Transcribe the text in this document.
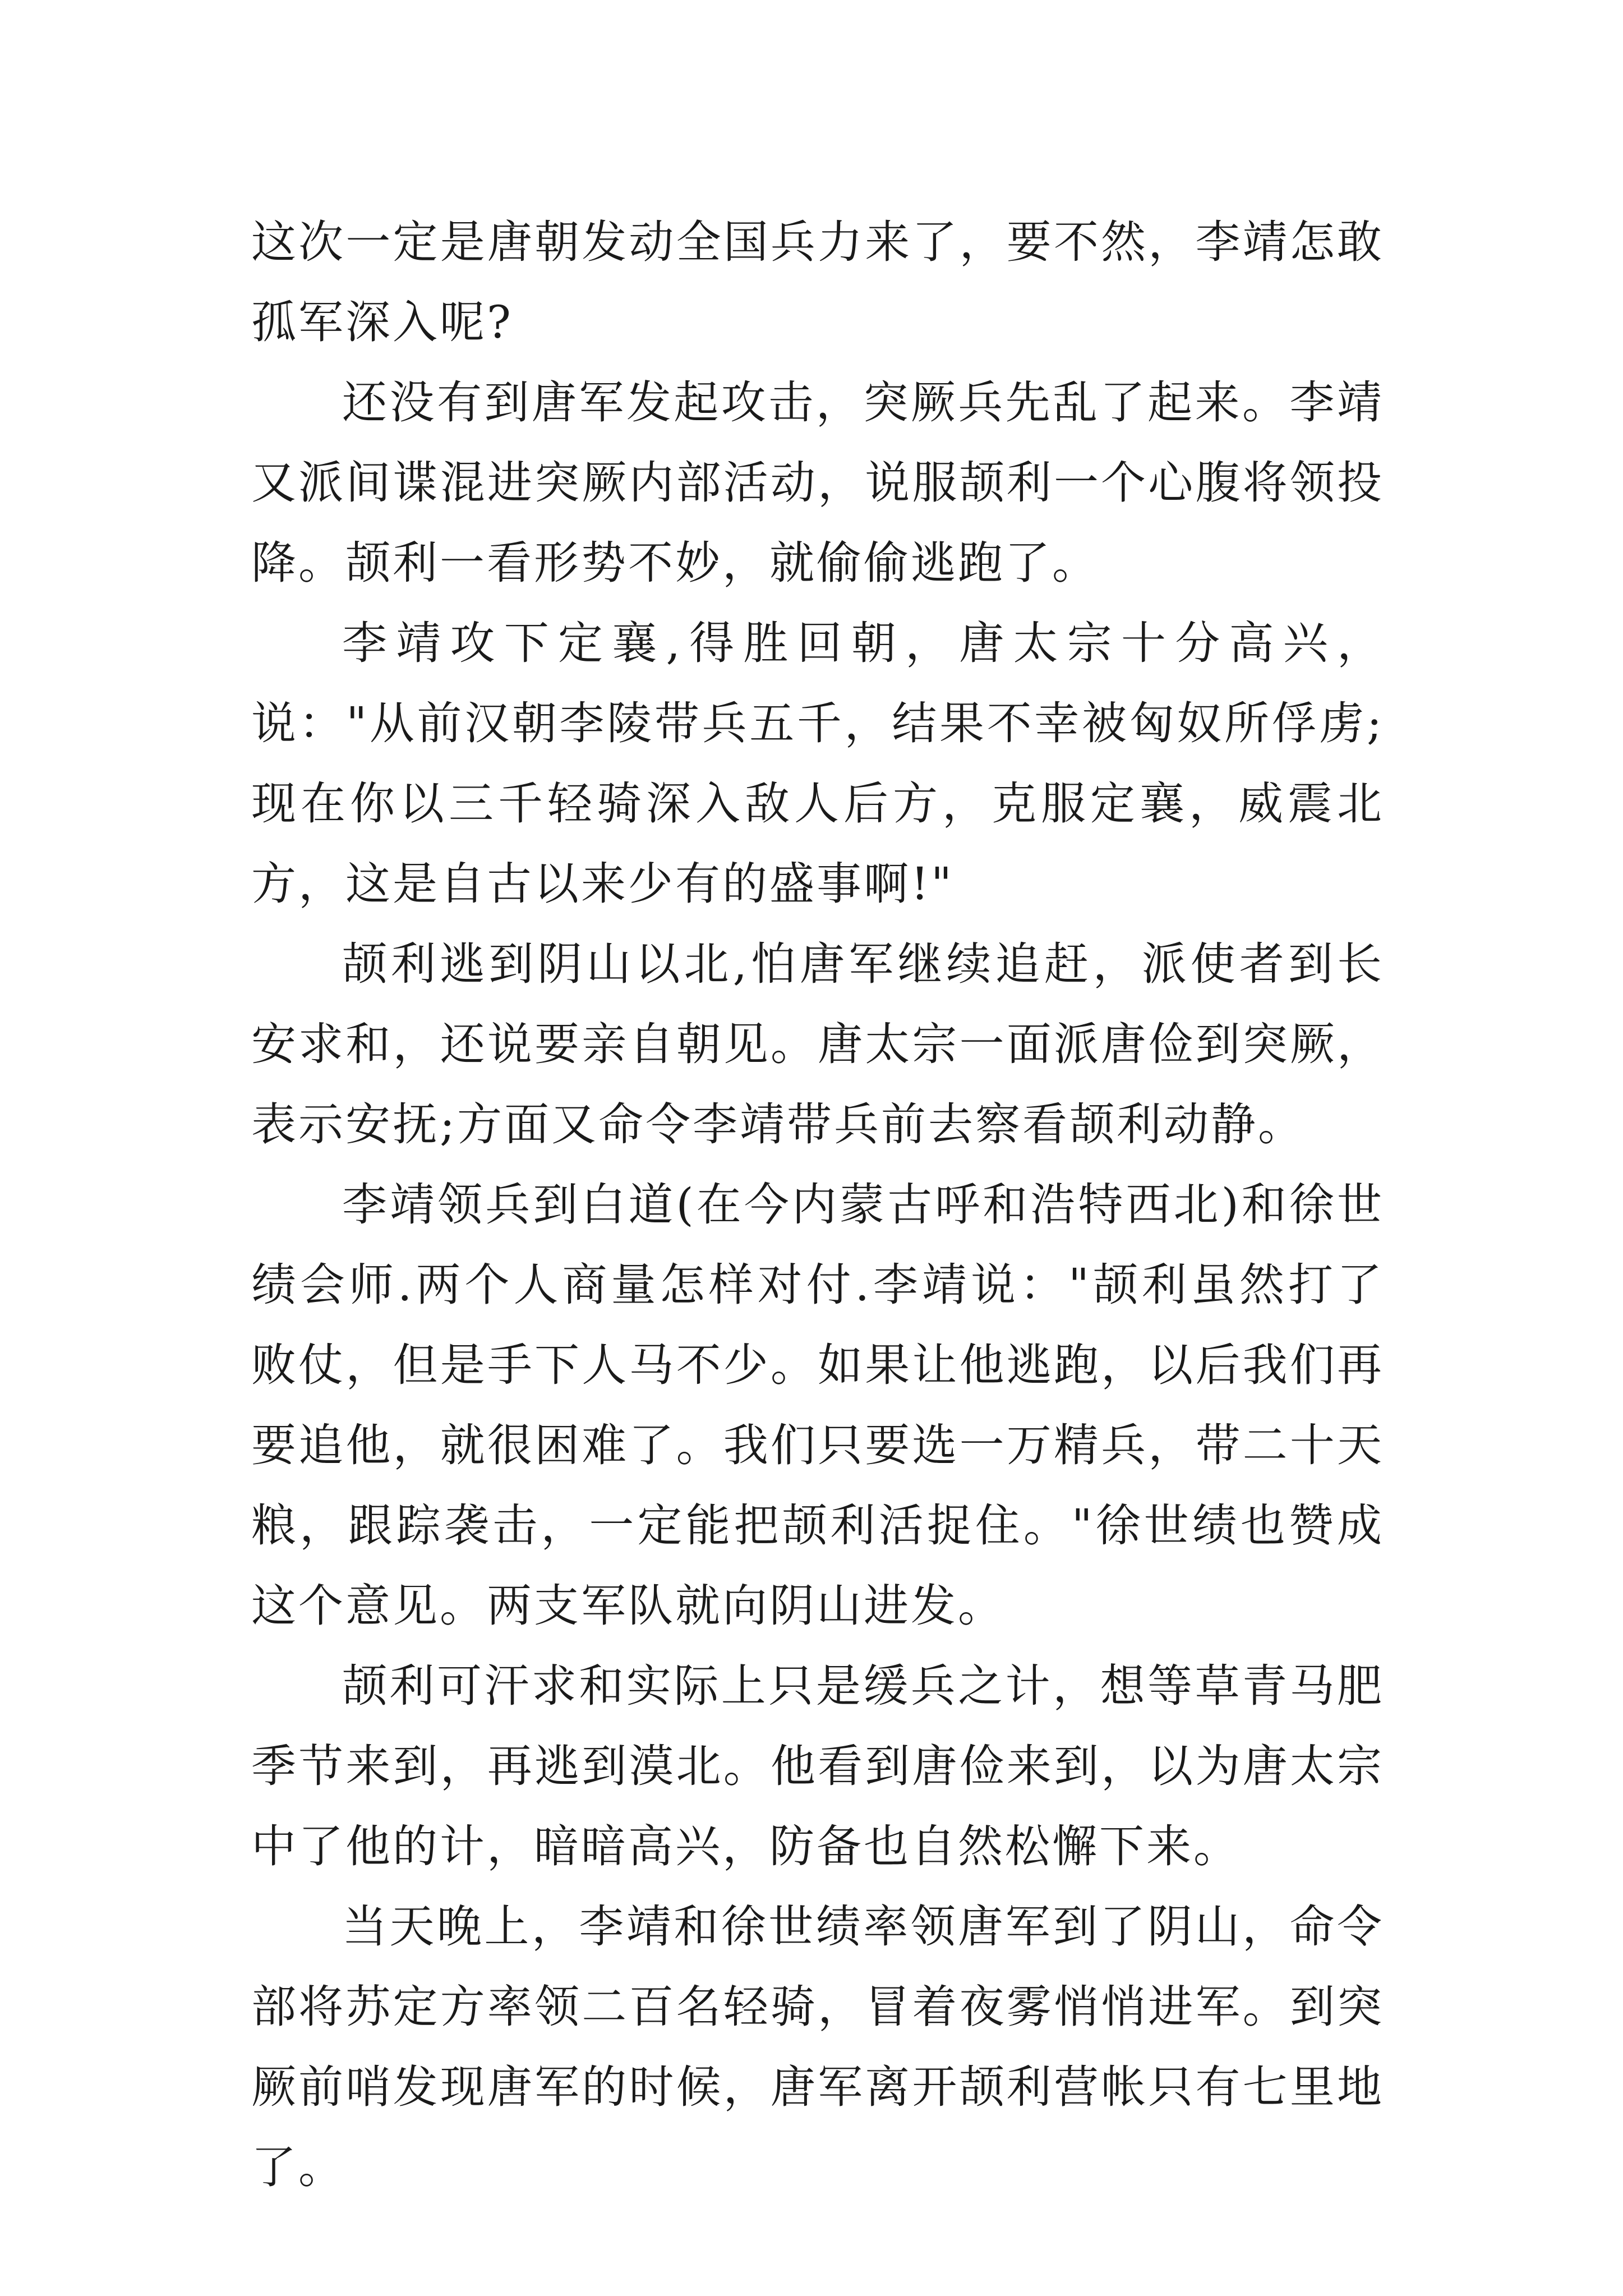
这次一定是唐朝发动全国兵力来了，要不然，李靖怎敢孤军深入呢?

还没有到唐军发起攻击，突厥兵先乱了起来。李靖又派间谍混进突厥内部活动，说服颉利一个心腹将领投降。颉利一看形势不妙，就偷偷逃跑了。

李靖攻下定襄,得胜回朝，唐太宗十分高兴，说："从前汉朝李陵带兵五千，结果不幸被匈奴所俘虏;现在你以三千轻骑深入敌人后方，克服定襄，威震北方，这是自古以来少有的盛事啊!"

颉利逃到阴山以北,怕唐军继续追赶，派使者到长安求和，还说要亲自朝见。唐太宗一面派唐俭到突厥，表示安抚;方面又命令李靖带兵前去察看颉利动静。

李靖领兵到白道(在今内蒙古呼和浩特西北)和徐世绩会师.两个人商量怎样对付.李靖说："颉利虽然打了败仗，但是手下人马不少。如果让他逃跑，以后我们再要追他，就很困难了。我们只要选一万精兵，带二十天粮，跟踪袭击，一定能把颉利活捉住。"徐世绩也赞成这个意见。两支军队就向阴山进发。

颉利可汗求和实际上只是缓兵之计，想等草青马肥季节来到，再逃到漠北。他看到唐俭来到，以为唐太宗中了他的计，暗暗高兴，防备也自然松懈下来。

当天晚上，李靖和徐世绩率领唐军到了阴山，命令部将苏定方率领二百名轻骑，冒着夜雾悄悄进军。到突厥前哨发现唐军的时候，唐军离开颉利营帐只有七里地了。
